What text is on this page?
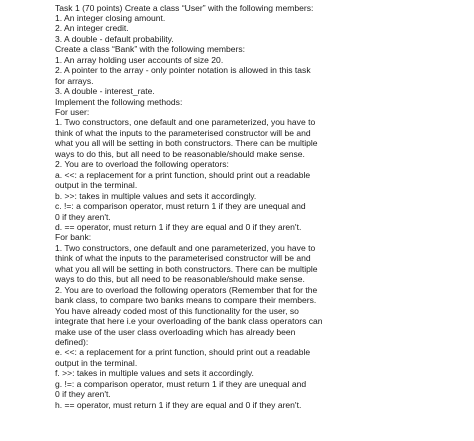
Task 1 (70 points) Create a class “User” with the following members:
1. An integer closing amount.
2. An integer credit.
3. A double - default probability.
Create a class “Bank” with the following members:
1. An array holding user accounts of size 20.
2. A pointer to the array - only pointer notation is allowed in this task
for arrays.
3. A double - interest_rate.
Implement the following methods:
For user:
1. Two constructors, one default and one parameterized, you have to
think of what the inputs to the parameterised constructor will be and
what you all will be setting in both constructors. There can be multiple
ways to do this, but all need to be reasonable/should make sense.
2. You are to overload the following operators:
a. <<: a replacement for a print function, should print out a readable
output in the terminal.
b. >>: takes in multiple values and sets it accordingly.
c. !=: a comparison operator, must return 1 if they are unequal and
0 if they aren't.
d. == operator, must return 1 if they are equal and 0 if they aren't.
For bank:
1. Two constructors, one default and one parameterized, you have to
think of what the inputs to the parameterised constructor will be and
what you all will be setting in both constructors. There can be multiple
ways to do this, but all need to be reasonable/should make sense.
2. You are to overload the following operators (Remember that for the
bank class, to compare two banks means to compare their members.
You have already coded most of this functionality for the user, so
integrate that here i.e your overloading of the bank class operators can
make use of the user class overloading which has already been
defined):
e. <<: a replacement for a print function, should print out a readable
output in the terminal.
f. >>: takes in multiple values and sets it accordingly.
g. !=: a comparison operator, must return 1 if they are unequal and
0 if they aren't.
h. == operator, must return 1 if they are equal and 0 if they aren't.
